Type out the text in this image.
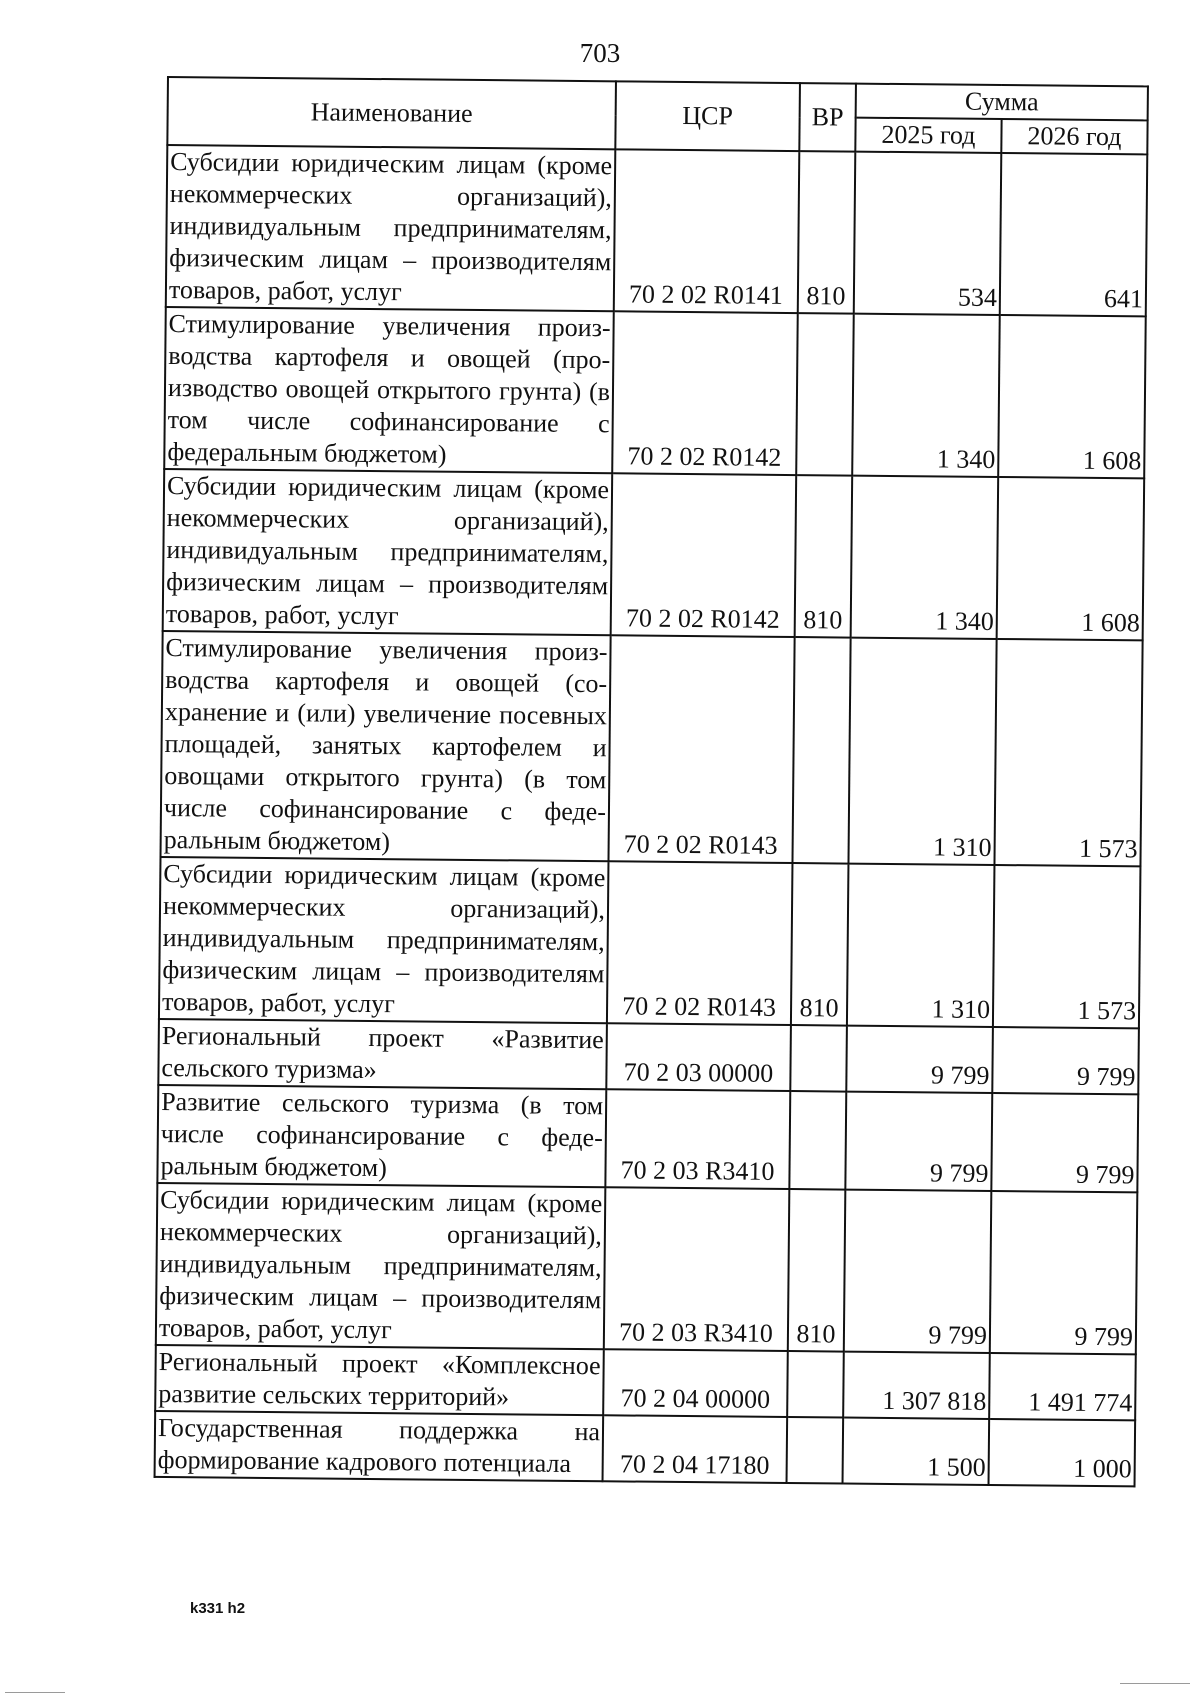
703
Наименование	ЦСР	ВР	Сумма	
			2025 год	2026 год
Субсидии юридическим лицам (кроме некоммерческих организаций), индивидуальным предпринимателям, физическим лицам – производителям товаров, работ, услуг	70 2 02 R0141	810	534	641
Стимулирование увеличения производства картофеля и овощей (производство овощей открытого грунта) (в том числе софинансирование с федеральным бюджетом)	70 2 02 R0142		1 340	1 608
Субсидии юридическим лицам (кроме некоммерческих организаций), индивидуальным предпринимателям, физическим лицам – производителям товаров, работ, услуг	70 2 02 R0142	810	1 340	1 608
Стимулирование увеличения производства картофеля и овощей (сохранение и (или) увеличение посевных площадей, занятых картофелем и овощами открытого грунта) (в том числе софинансирование с федеральным бюджетом)	70 2 02 R0143		1 310	1 573
Субсидии юридическим лицам (кроме некоммерческих организаций), индивидуальным предпринимателям, физическим лицам – производителям товаров, работ, услуг	70 2 02 R0143	810	1 310	1 573
Региональный проект «Развитие сельского туризма»	70 2 03 00000		9 799	9 799
Развитие сельского туризма (в том числе софинансирование с федеральным бюджетом)	70 2 03 R3410		9 799	9 799
Субсидии юридическим лицам (кроме некоммерческих организаций), индивидуальным предпринимателям, физическим лицам – производителям товаров, работ, услуг	70 2 03 R3410	810	9 799	9 799
Региональный проект «Комплексное развитие сельских территорий»	70 2 04 00000		1 307 818	1 491 774
Государственная поддержка на формирование кадрового потенциала	70 2 04 17180		1 500	1 000
k331 h2
